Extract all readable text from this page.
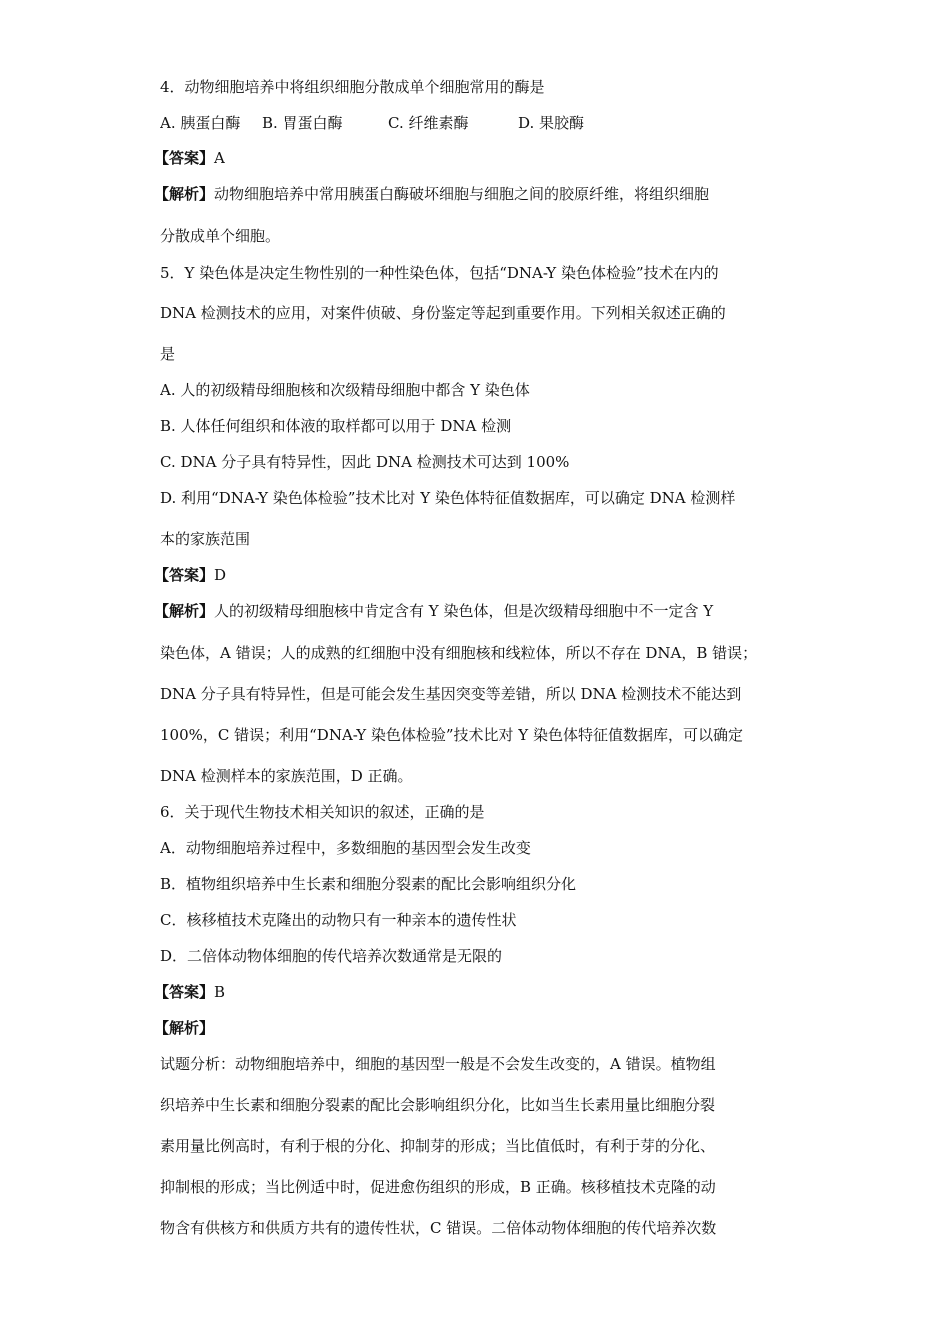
4．动物细胞培养中将组织细胞分散成单个细胞常用的酶是
A. 胰蛋白酶 B. 胃蛋白酶	C. 纤维素酶	D. 果胶酶
【答案】A
【解析】动物细胞培养中常用胰蛋白酶破坏细胞与细胞之间的胶原纤维，将组织细胞
分散成单个细胞。
5．Y 染色体是决定生物性别的一种性染色体，包括“DNA-Y 染色体检验”技术在内的
DNA 检测技术的应用，对案件侦破、身份鉴定等起到重要作用。下列相关叙述正确的
是
A. 人的初级精母细胞核和次级精母细胞中都含 Y 染色体
B. 人体任何组织和体液的取样都可以用于 DNA 检测
C. DNA 分子具有特异性，因此 DNA 检测技术可达到 100%
D. 利用“DNA-Y 染色体检验”技术比对 Y 染色体特征值数据库，可以确定 DNA 检测样
本的家族范围
【答案】D
【解析】人的初级精母细胞核中肯定含有 Y 染色体，但是次级精母细胞中不一定含 Y
染色体，A 错误；人的成熟的红细胞中没有细胞核和线粒体，所以不存在 DNA，B 错误；
DNA 分子具有特异性，但是可能会发生基因突变等差错，所以 DNA 检测技术不能达到
100%，C 错误；利用“DNA-Y 染色体检验”技术比对 Y 染色体特征值数据库，可以确定
DNA 检测样本的家族范围，D 正确。
6．关于现代生物技术相关知识的叙述，正确的是
A．动物细胞培养过程中，多数细胞的基因型会发生改变
B．植物组织培养中生长素和细胞分裂素的配比会影响组织分化
C．核移植技术克隆出的动物只有一种亲本的遗传性状
D．二倍体动物体细胞的传代培养次数通常是无限的
【答案】B
【解析】
试题分析：动物细胞培养中，细胞的基因型一般是不会发生改变的，A 错误。植物组
织培养中生长素和细胞分裂素的配比会影响组织分化，比如当生长素用量比细胞分裂
素用量比例高时，有利于根的分化、抑制芽的形成；当比值低时，有利于芽的分化、
抑制根的形成；当比例适中时，促进愈伤组织的形成，B 正确。核移植技术克隆的动
物含有供核方和供质方共有的遗传性状，C 错误。二倍体动物体细胞的传代培养次数
